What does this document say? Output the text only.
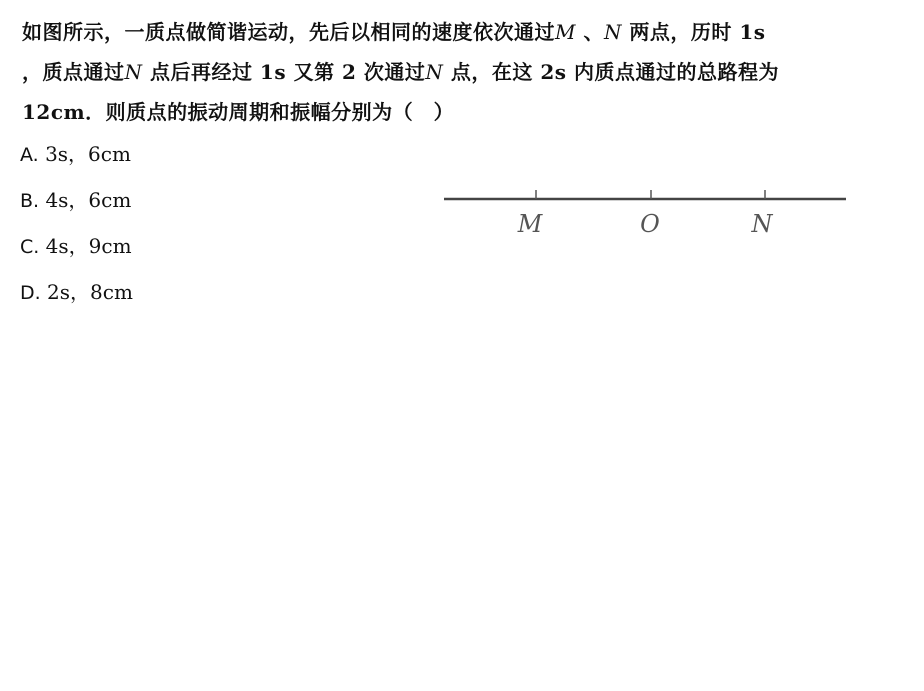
如图所示，一质点做简谐运动，先后以相同的速度依次通过M 、N 两点，历时 1s
，质点通过N 点后再经过 1s 又第 2 次通过N 点，在这 2s 内质点通过的总路程为
12cm．则质点的振动周期和振幅分别为（　）
A. 3s，6cm
B. 4s，6cm
C. 4s，9cm
D. 2s，8cm
M	O	N
